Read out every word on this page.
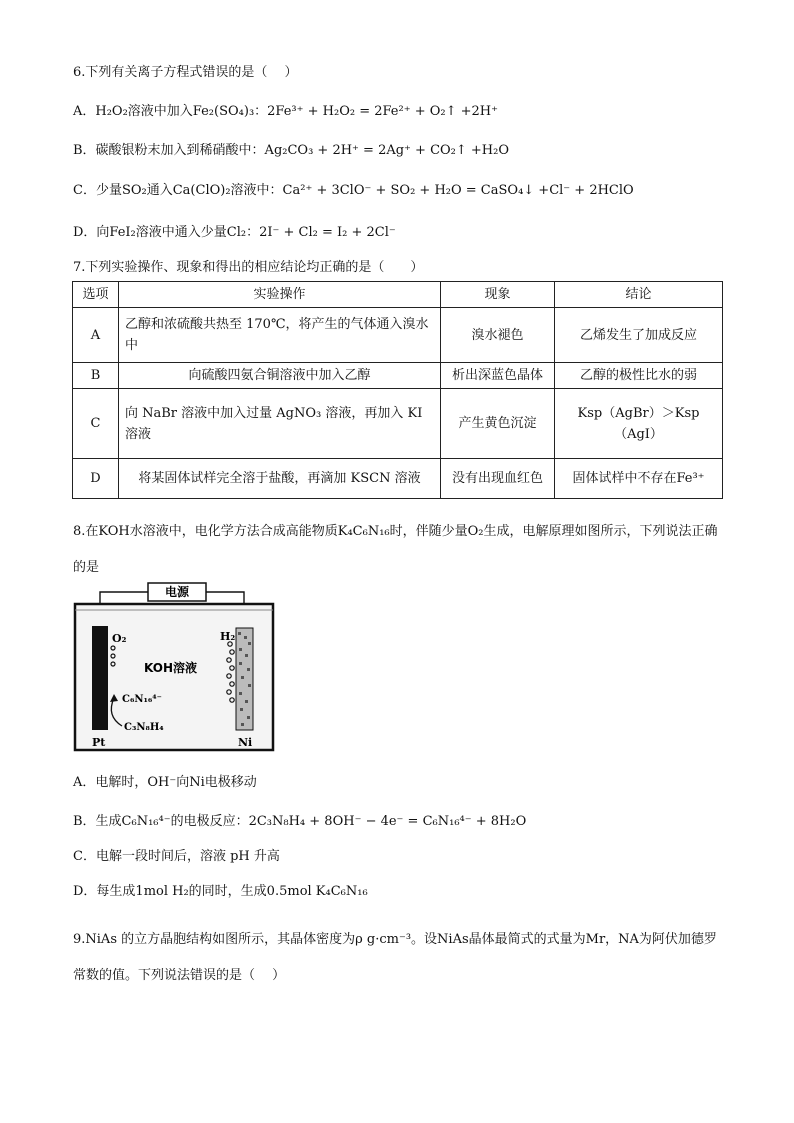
6.下列有关离子方程式错误的是（　 ）
A．H₂O₂溶液中加入Fe₂(SO₄)₃：2Fe³⁺ + H₂O₂ = 2Fe²⁺ + O₂↑ +2H⁺
B．碳酸银粉末加入到稀硝酸中：Ag₂CO₃ + 2H⁺ = 2Ag⁺ + CO₂↑ +H₂O
C．少量SO₂通入Ca(ClO)₂溶液中：Ca²⁺ + 3ClO⁻ + SO₂ + H₂O = CaSO₄↓ +Cl⁻ + 2HClO
D．向FeI₂溶液中通入少量Cl₂：2I⁻ + Cl₂ = I₂ + 2Cl⁻
7.下列实验操作、现象和得出的相应结论均正确的是（　　）
选项	实验操作	现象	结论
A	乙醇和浓硫酸共热至 170℃，将产生的气体通入溴水中	溴水褪色	乙烯发生了加成反应
B	向硫酸四氨合铜溶液中加入乙醇	析出深蓝色晶体	乙醇的极性比水的弱
C	向 NaBr 溶液中加入过量 AgNO₃ 溶液，再加入 KI 溶液	产生黄色沉淀	Ksp（AgBr）＞Ksp（AgI）
D	将某固体试样完全溶于盐酸，再滴加 KSCN 溶液	没有出现血红色	固体试样中不存在Fe³⁺
8.在KOH水溶液中，电化学方法合成高能物质K₄C₆N₁₆时，伴随少量O₂生成，电解原理如图所示，下列说法正确的是
电源
O₂	H₂
KOH溶液
C₆N₁₆⁴⁻
C₃N₈H₄
Pt	Ni
A．电解时，OH⁻向Ni电极移动
B．生成C₆N₁₆⁴⁻的电极反应：2C₃N₈H₄ + 8OH⁻ − 4e⁻ = C₆N₁₆⁴⁻ + 8H₂O
C．电解一段时间后，溶液 pH 升高
D．每生成1mol H₂的同时，生成0.5mol K₄C₆N₁₆
9.NiAs 的立方晶胞结构如图所示，其晶体密度为ρ g·cm⁻³。设NiAs晶体最简式的式量为Mr，NA为阿伏加德罗常数的值。下列说法错误的是（　 ）
